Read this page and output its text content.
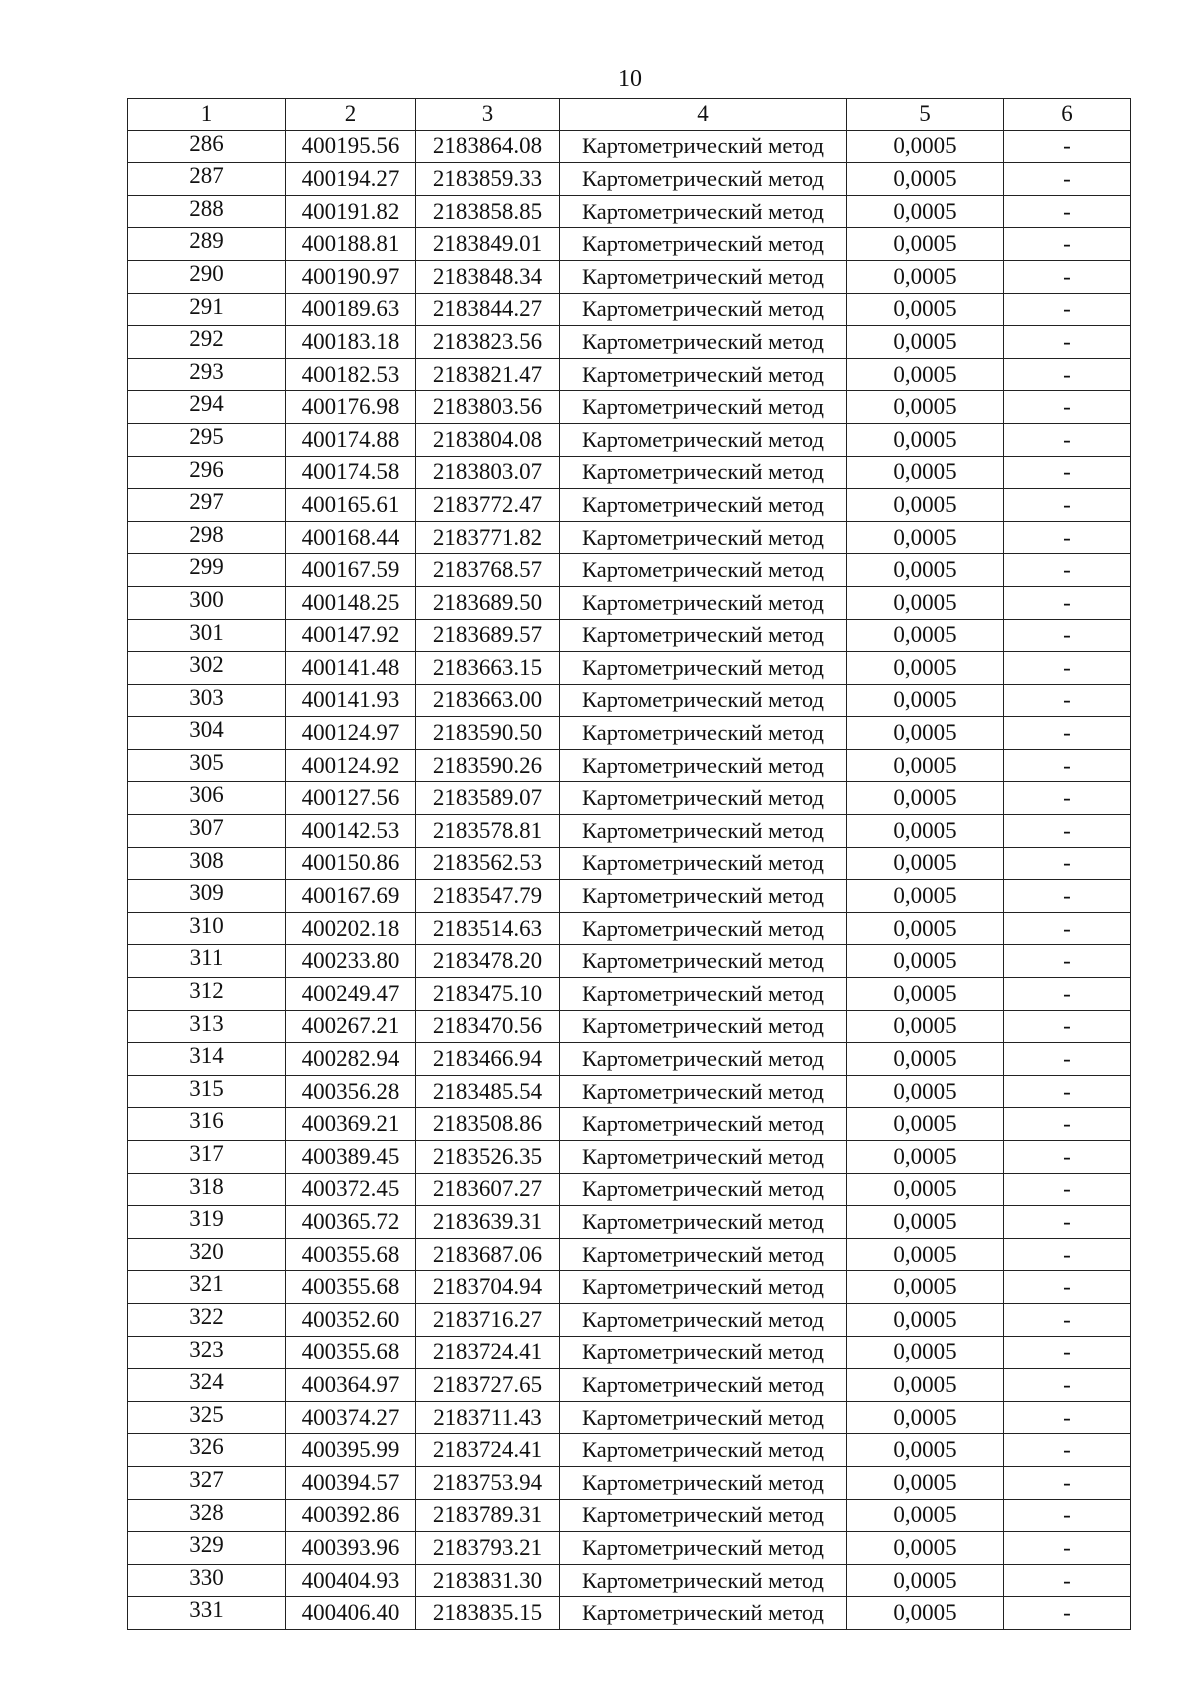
10
1	2	3	4	5	6
286	400195.56	2183864.08	Картометрический метод	0,0005	-
287	400194.27	2183859.33	Картометрический метод	0,0005	-
288	400191.82	2183858.85	Картометрический метод	0,0005	-
289	400188.81	2183849.01	Картометрический метод	0,0005	-
290	400190.97	2183848.34	Картометрический метод	0,0005	-
291	400189.63	2183844.27	Картометрический метод	0,0005	-
292	400183.18	2183823.56	Картометрический метод	0,0005	-
293	400182.53	2183821.47	Картометрический метод	0,0005	-
294	400176.98	2183803.56	Картометрический метод	0,0005	-
295	400174.88	2183804.08	Картометрический метод	0,0005	-
296	400174.58	2183803.07	Картометрический метод	0,0005	-
297	400165.61	2183772.47	Картометрический метод	0,0005	-
298	400168.44	2183771.82	Картометрический метод	0,0005	-
299	400167.59	2183768.57	Картометрический метод	0,0005	-
300	400148.25	2183689.50	Картометрический метод	0,0005	-
301	400147.92	2183689.57	Картометрический метод	0,0005	-
302	400141.48	2183663.15	Картометрический метод	0,0005	-
303	400141.93	2183663.00	Картометрический метод	0,0005	-
304	400124.97	2183590.50	Картометрический метод	0,0005	-
305	400124.92	2183590.26	Картометрический метод	0,0005	-
306	400127.56	2183589.07	Картометрический метод	0,0005	-
307	400142.53	2183578.81	Картометрический метод	0,0005	-
308	400150.86	2183562.53	Картометрический метод	0,0005	-
309	400167.69	2183547.79	Картометрический метод	0,0005	-
310	400202.18	2183514.63	Картометрический метод	0,0005	-
311	400233.80	2183478.20	Картометрический метод	0,0005	-
312	400249.47	2183475.10	Картометрический метод	0,0005	-
313	400267.21	2183470.56	Картометрический метод	0,0005	-
314	400282.94	2183466.94	Картометрический метод	0,0005	-
315	400356.28	2183485.54	Картометрический метод	0,0005	-
316	400369.21	2183508.86	Картометрический метод	0,0005	-
317	400389.45	2183526.35	Картометрический метод	0,0005	-
318	400372.45	2183607.27	Картометрический метод	0,0005	-
319	400365.72	2183639.31	Картометрический метод	0,0005	-
320	400355.68	2183687.06	Картометрический метод	0,0005	-
321	400355.68	2183704.94	Картометрический метод	0,0005	-
322	400352.60	2183716.27	Картометрический метод	0,0005	-
323	400355.68	2183724.41	Картометрический метод	0,0005	-
324	400364.97	2183727.65	Картометрический метод	0,0005	-
325	400374.27	2183711.43	Картометрический метод	0,0005	-
326	400395.99	2183724.41	Картометрический метод	0,0005	-
327	400394.57	2183753.94	Картометрический метод	0,0005	-
328	400392.86	2183789.31	Картометрический метод	0,0005	-
329	400393.96	2183793.21	Картометрический метод	0,0005	-
330	400404.93	2183831.30	Картометрический метод	0,0005	-
331	400406.40	2183835.15	Картометрический метод	0,0005	-
